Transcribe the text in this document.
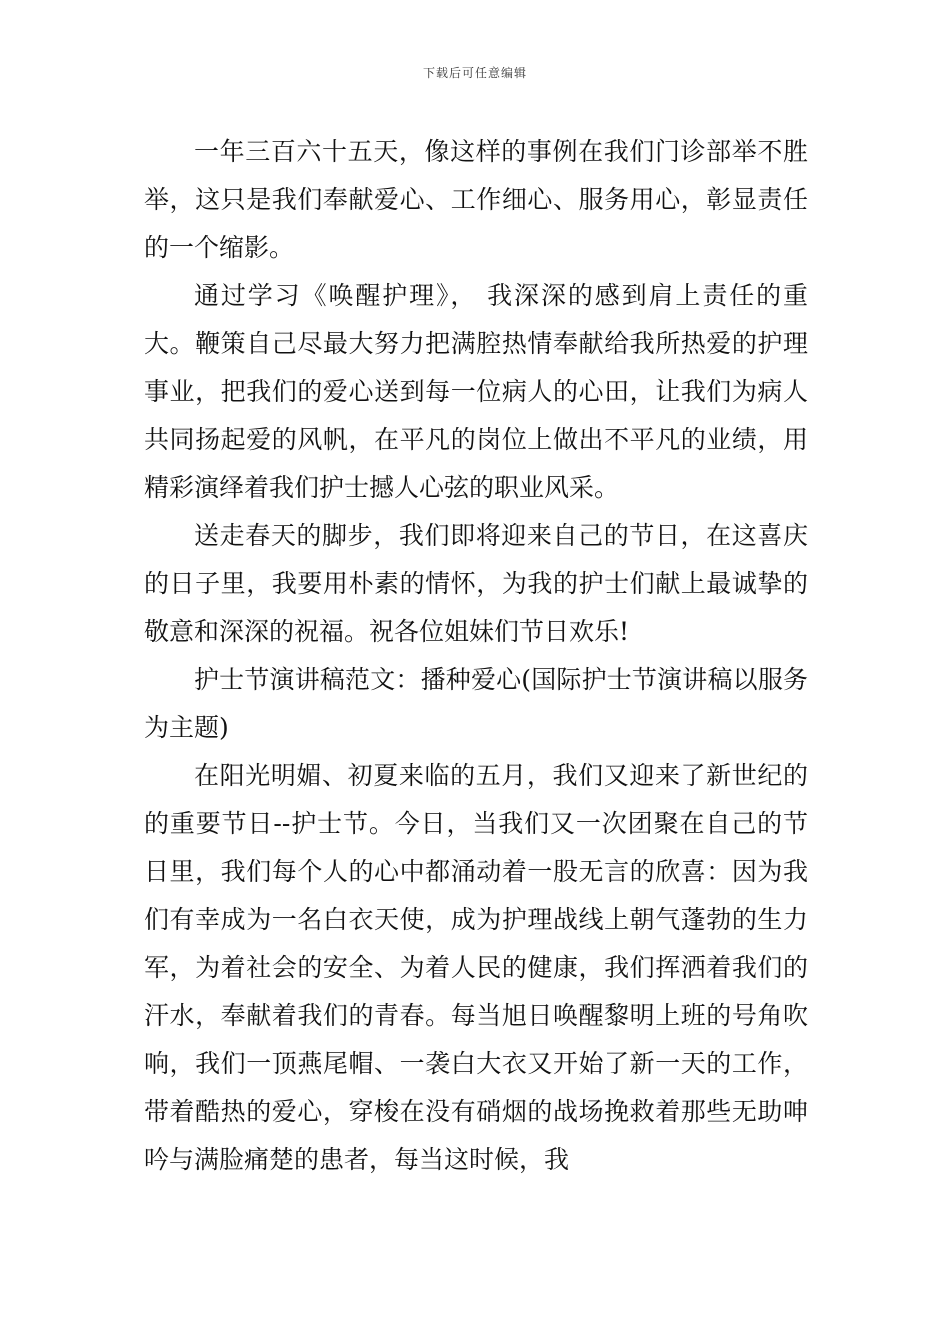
下载后可任意编辑

一年三百六十五天，像这样的事例在我们门诊部举不胜举，这只是我们奉献爱心、工作细心、服务用心，彰显责任的一个缩影。

通过学习《唤醒护理》， 我深深的感到肩上责任的重大。鞭策自己尽最大努力把满腔热情奉献给我所热爱的护理事业，把我们的爱心送到每一位病人的心田，让我们为病人共同扬起爱的风帆，在平凡的岗位上做出不平凡的业绩，用精彩演绎着我们护士撼人心弦的职业风采。

送走春天的脚步，我们即将迎来自己的节日，在这喜庆的日子里，我要用朴素的情怀，为我的护士们献上最诚挚的敬意和深深的祝福。祝各位姐妹们节日欢乐!

护士节演讲稿范文：播种爱心(国际护士节演讲稿以服务为主题)

在阳光明媚、初夏来临的五月，我们又迎来了新世纪的的重要节日--护士节。今日，当我们又一次团聚在自己的节日里，我们每个人的心中都涌动着一股无言的欣喜：因为我们有幸成为一名白衣天使，成为护理战线上朝气蓬勃的生力军，为着社会的安全、为着人民的健康，我们挥洒着我们的汗水，奉献着我们的青春。每当旭日唤醒黎明上班的号角吹响，我们一顶燕尾帽、一袭白大衣又开始了新一天的工作，带着酷热的爱心，穿梭在没有硝烟的战场挽救着那些无助呻吟与满脸痛楚的患者，每当这时候，我
